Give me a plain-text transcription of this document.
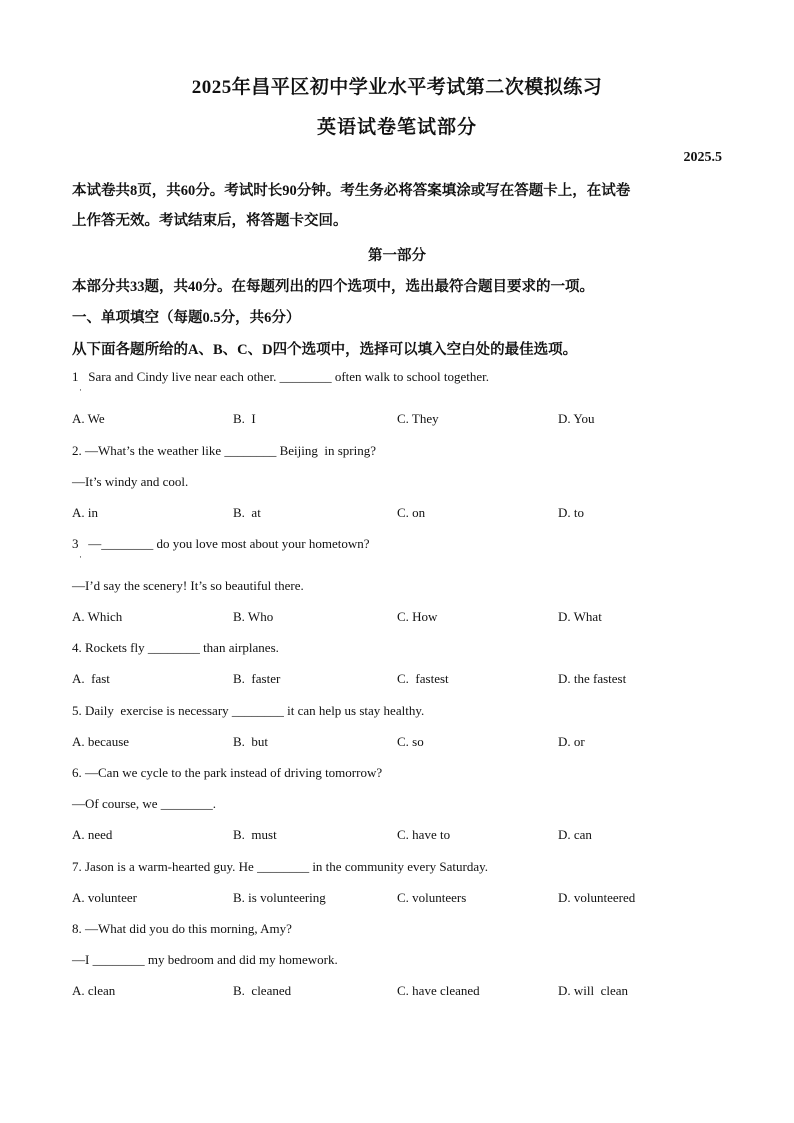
2025年昌平区初中学业水平考试第二次模拟练习
英语试卷笔试部分
2025.5
本试卷共8页，共60分。考试时长90分钟。考生务必将答案填涂或写在答题卡上，在试卷
上作答无效。考试结束后，将答题卡交回。
第一部分
本部分共33题，共40分。在每题列出的四个选项中，选出最符合题目要求的一项。
一、单项填空（每题0.5分，共6分）
从下面各题所给的A、B、C、D四个选项中，选择可以填入空白处的最佳选项。
1   Sara and Cindy live near each other. ________ often walk to school together.
·
A. We	B.  I	C. They	D. You
2. —What’s the weather like ________ Beijing  in spring?
—It’s windy and cool.
A. in	B.  at	C. on	D. to
3   —________ do you love most about your hometown?
·
—I’d say the scenery! It’s so beautiful there.
A. Which	B. Who	C. How	D. What
4. Rockets fly ________ than airplanes.
A.  fast	B.  faster	C.  fastest	D. the fastest
5. Daily  exercise is necessary ________ it can help us stay healthy.
A. because	B.  but	C. so	D. or
6. —Can we cycle to the park instead of driving tomorrow?
—Of course, we ________.
A. need	B.  must	C. have to	D. can
7. Jason is a warm-hearted guy. He ________ in the community every Saturday.
A. volunteer	B. is volunteering	C. volunteers	D. volunteered
8. —What did you do this morning, Amy?
—I ________ my bedroom and did my homework.
A. clean	B.  cleaned	C. have cleaned	D. will  clean
